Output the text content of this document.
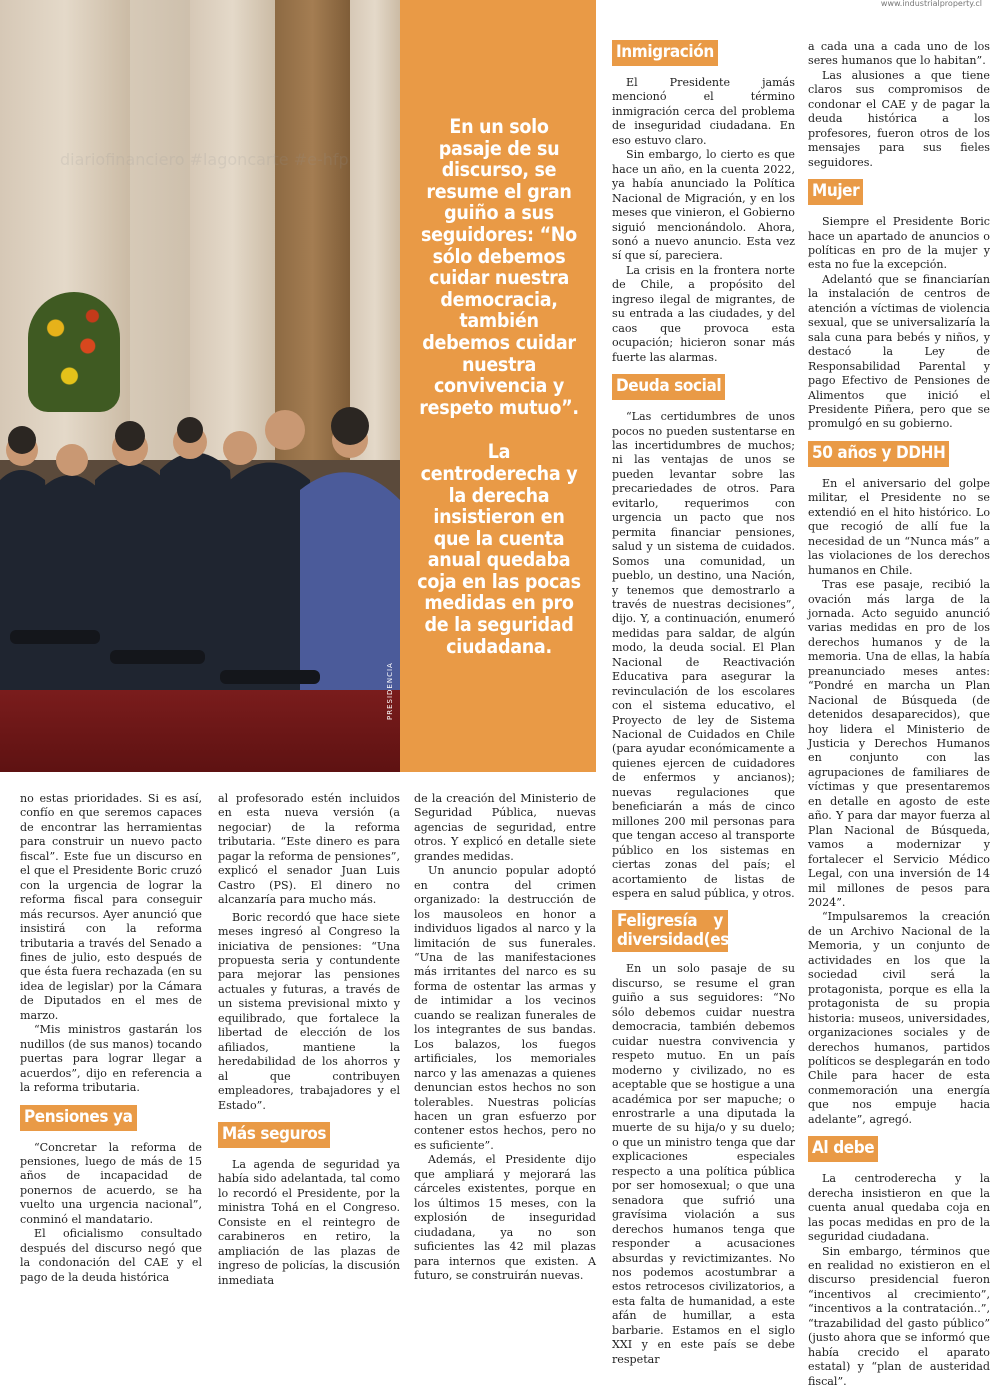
www.industrialproperty.cl
PRESIDENCIA
En un solo pasaje de su discurso, se resume el gran guiño a sus seguidores: “No sólo debemos cuidar nuestra democracia, también debemos cuidar nuestra convivencia y respeto mutuo”.
La centroderecha y la derecha insistieron en que la cuenta anual quedaba coja en las pocas medidas en pro de la seguridad ciudadana.

no estas prioridades. Si es así, confío en que seremos capaces de encontrar las herramientas para construir un nuevo pacto fiscal”. Este fue un discurso en el que el Presidente Boric cruzó con la urgencia de lograr la reforma fiscal para conseguir más recursos. Ayer anunció que insistirá con la reforma tributaria a través del Senado a fines de julio, esto después de que ésta fuera rechazada (en su idea de legislar) por la Cámara de Diputados en el mes de marzo.

“Mis ministros gastarán los nudillos (de sus manos) tocando puertas para lograr llegar a acuerdos”, dijo en referencia a la reforma tributaria.

Pensiones ya

“Concretar la reforma de pensiones, luego de más de 15 años de incapacidad de ponernos de acuerdo, se ha vuelto una urgencia nacional”, conminó el mandatario.

El oficialismo consultado después del discurso negó que la condonación del CAE y el pago de la deuda histórica

al profesorado estén incluidos en esta nueva versión (a negociar) de la reforma tributaria. “Este dinero es para pagar la reforma de pensiones”, explicó el senador Juan Luis Castro (PS). El dinero no alcanzaría para mucho más.

Boric recordó que hace siete meses ingresó al Congreso la iniciativa de pensiones: “Una propuesta seria y contundente para mejorar las pensiones actuales y futuras, a través de un sistema previsional mixto y equilibrado, que fortalece la libertad de elección de los afiliados, mantiene la heredabilidad de los ahorros y al que contribuyen empleadores, trabajadores y el Estado”.

Más seguros

La agenda de seguridad ya había sido adelantada, tal como lo recordó el Presidente, por la ministra Tohá en el Congreso. Consiste en el reintegro de carabineros en retiro, la ampliación de las plazas de ingreso de policías, la discusión inmediata

de la creación del Ministerio de Seguridad Pública, nuevas agencias de seguridad, entre otros. Y explicó en detalle siete grandes medidas.

Un anuncio popular adoptó en contra del crimen organizado: la destrucción de los mausoleos en honor a individuos ligados al narco y la limitación de sus funerales. “Una de las manifestaciones más irritantes del narco es su forma de ostentar las armas y de intimidar a los vecinos cuando se realizan funerales de los integrantes de sus bandas. Los balazos, los fuegos artificiales, los memoriales narco y las amenazas a quienes denuncian estos hechos no son tolerables. Nuestras policías hacen un gran esfuerzo por contener estos hechos, pero no es suficiente”.

Además, el Presidente dijo que ampliará y mejorará las cárceles existentes, porque en los últimos 15 meses, con la explosión de inseguridad ciudadana, ya no son suficientes las 42 mil plazas para internos que existen. A futuro, se construirán nuevas.

Inmigración

El Presidente jamás mencionó el término inmigración cerca del problema de inseguridad ciudadana. En eso estuvo claro.

Sin embargo, lo cierto es que hace un año, en la cuenta 2022, ya había anunciado la Política Nacional de Migración, y en los meses que vinieron, el Gobierno siguió mencionándolo. Ahora, sonó a nuevo anuncio. Esta vez sí que sí, pareciera.

La crisis en la frontera norte de Chile, a propósito del ingreso ilegal de migrantes, de su entrada a las ciudades, y del caos que provoca esta ocupación; hicieron sonar más fuerte las alarmas.

Deuda social

“Las certidumbres de unos pocos no pueden sustentarse en las incertidumbres de muchos; ni las ventajas de unos se pueden levantar sobre las precariedades de otros. Para evitarlo, requerimos con urgencia un pacto que nos permita financiar pensiones, salud y un sistema de cuidados. Somos una comunidad, un pueblo, un destino, una Nación, y tenemos que demostrarlo a través de nuestras decisiones”, dijo. Y, a continuación, enumeró medidas para saldar, de algún modo, la deuda social. El Plan Nacional de Reactivación Educativa para asegurar la revinculación de los escolares con el sistema educativo, el Proyecto de ley de Sistema Nacional de Cuidados en Chile (para ayudar económicamente a quienes ejercen de cuidadores de enfermos y ancianos); nuevas regulaciones que beneficiarán a más de cinco millones 200 mil personas para que tengan acceso al transporte público en los sistemas en ciertas zonas del país; el acortamiento de listas de espera en salud pública, y otros.

Feligresía y diversidad(es)

En un solo pasaje de su discurso, se resume el gran guiño a sus seguidores: “No sólo debemos cuidar nuestra democracia, también debemos cuidar nuestra convivencia y respeto mutuo. En un país moderno y civilizado, no es aceptable que se hostigue a una académica por ser mapuche; o enrostrarle a una diputada la muerte de su hija/o y su duelo; o que un ministro tenga que dar explicaciones especiales respecto a una política pública por ser homosexual; o que una senadora que sufrió una gravísima violación a sus derechos humanos tenga que responder a acusaciones absurdas y revictimizantes. No nos podemos acostumbrar a estos retrocesos civilizatorios, a esta falta de humanidad, a este afán de humillar, a esta barbarie. Estamos en el siglo XXI y en este país se debe respetar

a cada una a cada uno de los seres humanos que lo habitan”.

Las alusiones a que tiene claros sus compromisos de condonar el CAE y de pagar la deuda histórica a los profesores, fueron otros de los mensajes para sus fieles seguidores.

Mujer

Siempre el Presidente Boric hace un apartado de anuncios o políticas en pro de la mujer y esta no fue la excepción.

Adelantó que se financiarían la instalación de centros de atención a víctimas de violencia sexual, que se universalizaría la sala cuna para bebés y niños, y destacó la Ley de Responsabilidad Parental y pago Efectivo de Pensiones de Alimentos que inició el Presidente Piñera, pero que se promulgó en su gobierno.

50 años y DDHH

En el aniversario del golpe militar, el Presidente no se extendió en el hito histórico. Lo que recogió de allí fue la necesidad de un “Nunca más” a las violaciones de los derechos humanos en Chile.

Tras ese pasaje, recibió la ovación más larga de la jornada. Acto seguido anunció varias medidas en pro de los derechos humanos y de la memoria. Una de ellas, la había preanunciado meses antes: “Pondré en marcha un Plan Nacional de Búsqueda (de detenidos desaparecidos), que hoy lidera el Ministerio de Justicia y Derechos Humanos en conjunto con las agrupaciones de familiares de víctimas y que presentaremos en detalle en agosto de este año. Y para dar mayor fuerza al Plan Nacional de Búsqueda, vamos a modernizar y fortalecer el Servicio Médico Legal, con una inversión de 14 mil millones de pesos para 2024”.

“Impulsaremos la creación de un Archivo Nacional de la Memoria, y un conjunto de actividades en los que la sociedad civil será la protagonista, porque es ella la protagonista de su propia historia: museos, universidades, organizaciones sociales y de derechos humanos, partidos políticos se desplegarán en todo Chile para hacer de esta conmemoración una energía que nos empuje hacia adelante”, agregó.

Al debe

La centroderecha y la derecha insistieron en que la cuenta anual quedaba coja en las pocas medidas en pro de la seguridad ciudadana.

Sin embargo, términos que en realidad no existieron en el discurso presidencial fueron “incentivos al crecimiento”, “incentivos a la contratación..”, “trazabilidad del gasto público” (justo ahora que se informó que había crecido el aparato estatal) y “plan de austeridad fiscal”.

diariofinanciero #lagoncarte #e-hfp
